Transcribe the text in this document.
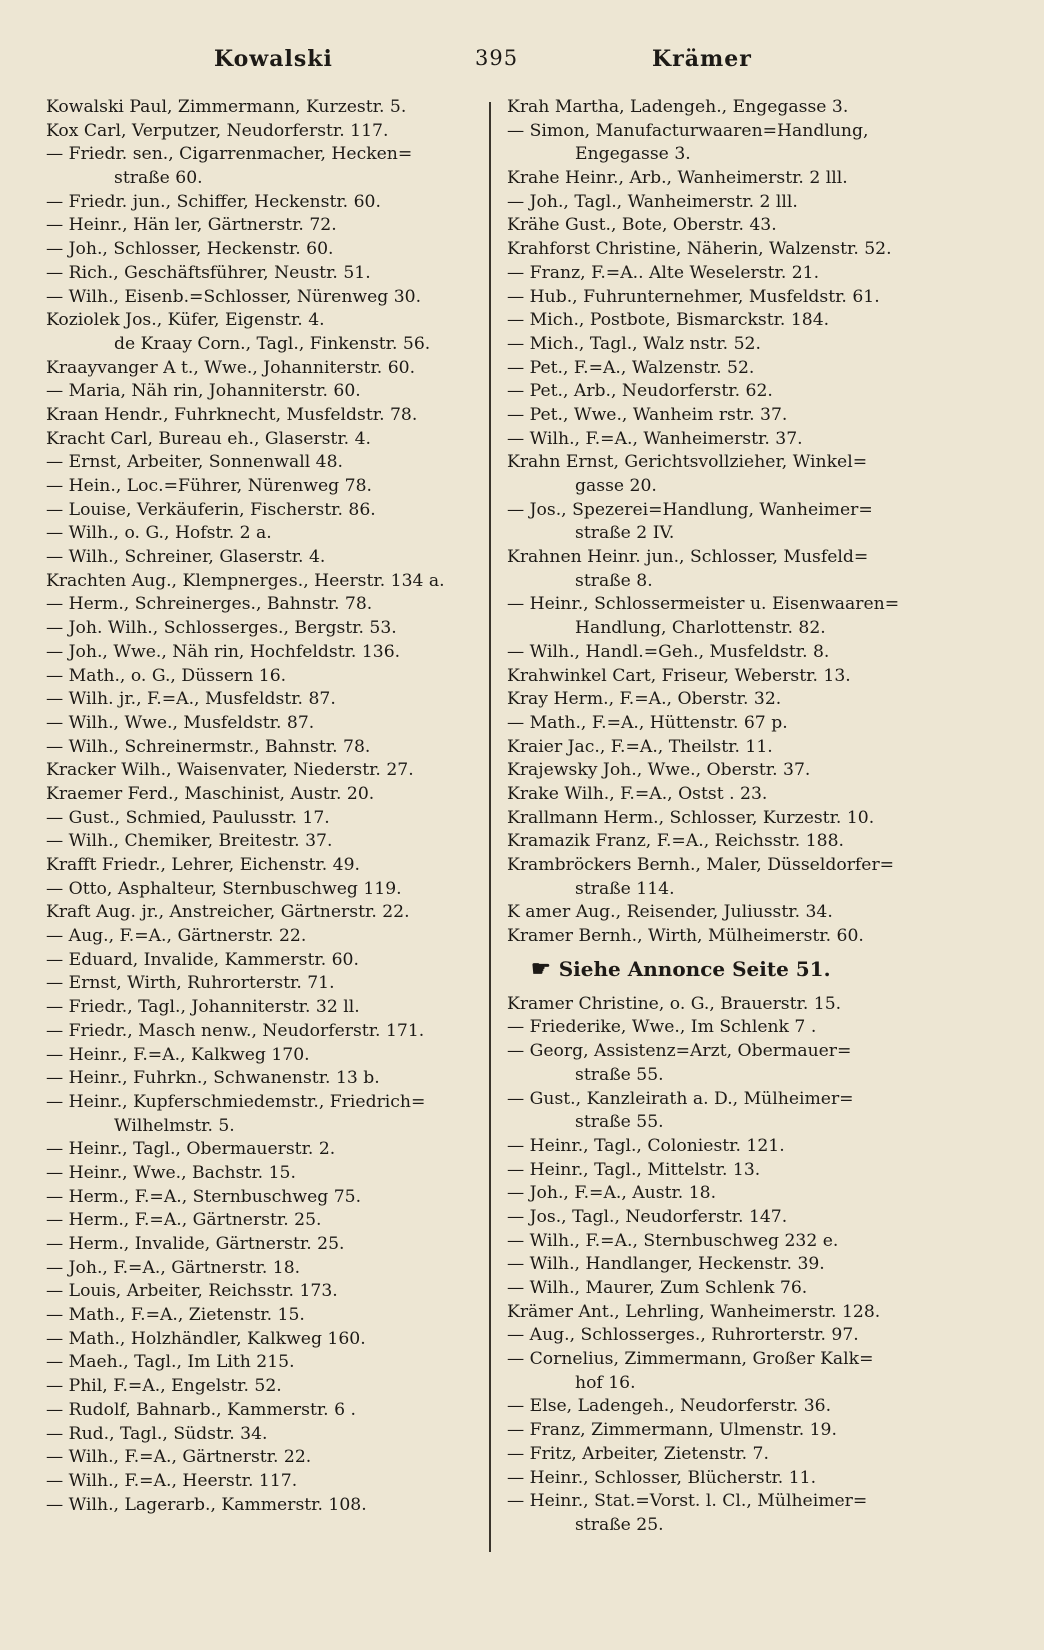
Kowalski	395	Krämer
Kowalski Paul, Zimmermann, Kurzestr. 5.
Kox Carl, Verputzer, Neudorferstr. 117.
— Friedr. sen., Cigarrenmacher, Hecken=
straße 60.
— Friedr. jun., Schiffer, Heckenstr. 60.
— Heinr., Hän ler, Gärtnerstr. 72.
— Joh., Schlosser, Heckenstr. 60.
— Rich., Geschäftsführer, Neustr. 51.
— Wilh., Eisenb.=Schlosser, Nürenweg 30.
Koziolek Jos., Küfer, Eigenstr. 4.
de Kraay Corn., Tagl., Finkenstr. 56.
Kraayvanger A t., Wwe., Johanniterstr. 60.
— Maria, Näh rin, Johanniterstr. 60.
Kraan Hendr., Fuhrknecht, Musfeldstr. 78.
Kracht Carl, Bureau eh., Glaserstr. 4.
— Ernst, Arbeiter, Sonnenwall 48.
— Hein., Loc.=Führer, Nürenweg 78.
— Louise, Verkäuferin, Fischerstr. 86.
— Wilh., o. G., Hofstr. 2 a.
— Wilh., Schreiner, Glaserstr. 4.
Krachten Aug., Klempnerges., Heerstr. 134 a.
— Herm., Schreinerges., Bahnstr. 78.
— Joh. Wilh., Schlosserges., Bergstr. 53.
— Joh., Wwe., Näh rin, Hochfeldstr. 136.
— Math., o. G., Düssern 16.
— Wilh. jr., F.=A., Musfeldstr. 87.
— Wilh., Wwe., Musfeldstr. 87.
— Wilh., Schreinermstr., Bahnstr. 78.
Kracker Wilh., Waisenvater, Niederstr. 27.
Kraemer Ferd., Maschinist, Austr. 20.
— Gust., Schmied, Paulusstr. 17.
— Wilh., Chemiker, Breitestr. 37.
Krafft Friedr., Lehrer, Eichenstr. 49.
— Otto, Asphalteur, Sternbuschweg 119.
Kraft Aug. jr., Anstreicher, Gärtnerstr. 22.
— Aug., F.=A., Gärtnerstr. 22.
— Eduard, Invalide, Kammerstr. 60.
— Ernst, Wirth, Ruhrorterstr. 71.
— Friedr., Tagl., Johanniterstr. 32 ll.
— Friedr., Masch nenw., Neudorferstr. 171.
— Heinr., F.=A., Kalkweg 170.
— Heinr., Fuhrkn., Schwanenstr. 13 b.
— Heinr., Kupferschmiedemstr., Friedrich=
Wilhelmstr. 5.
— Heinr., Tagl., Obermauerstr. 2.
— Heinr., Wwe., Bachstr. 15.
— Herm., F.=A., Sternbuschweg 75.
— Herm., F.=A., Gärtnerstr. 25.
— Herm., Invalide, Gärtnerstr. 25.
— Joh., F.=A., Gärtnerstr. 18.
— Louis, Arbeiter, Reichsstr. 173.
— Math., F.=A., Zietenstr. 15.
— Math., Holzhändler, Kalkweg 160.
— Maeh., Tagl., Im Lith 215.
— Phil, F.=A., Engelstr. 52.
— Rudolf, Bahnarb., Kammerstr. 6 .
— Rud., Tagl., Südstr. 34.
— Wilh., F.=A., Gärtnerstr. 22.
— Wilh., F.=A., Heerstr. 117.
— Wilh., Lagerarb., Kammerstr. 108.
Krah Martha, Ladengeh., Engegasse 3.
— Simon, Manufacturwaaren=Handlung,
Engegasse 3.
Krahe Heinr., Arb., Wanheimerstr. 2 lll.
— Joh., Tagl., Wanheimerstr. 2 lll.
Krähe Gust., Bote, Oberstr. 43.
Krahforst Christine, Näherin, Walzenstr. 52.
— Franz, F.=A.. Alte Weselerstr. 21.
— Hub., Fuhrunternehmer, Musfeldstr. 61.
— Mich., Postbote, Bismarckstr. 184.
— Mich., Tagl., Walz nstr. 52.
— Pet., F.=A., Walzenstr. 52.
— Pet., Arb., Neudorferstr. 62.
— Pet., Wwe., Wanheim rstr. 37.
— Wilh., F.=A., Wanheimerstr. 37.
Krahn Ernst, Gerichtsvollzieher, Winkel=
gasse 20.
— Jos., Spezerei=Handlung, Wanheimer=
straße 2 IV.
Krahnen Heinr. jun., Schlosser, Musfeld=
straße 8.
— Heinr., Schlossermeister u. Eisenwaaren=
Handlung, Charlottenstr. 82.
— Wilh., Handl.=Geh., Musfeldstr. 8.
Krahwinkel Cart, Friseur, Weberstr. 13.
Kray Herm., F.=A., Oberstr. 32.
— Math., F.=A., Hüttenstr. 67 p.
Kraier Jac., F.=A., Theilstr. 11.
Krajewsky Joh., Wwe., Oberstr. 37.
Krake Wilh., F.=A., Ostst . 23.
Krallmann Herm., Schlosser, Kurzestr. 10.
Kramazik Franz, F.=A., Reichsstr. 188.
Krambröckers Bernh., Maler, Düsseldorfer=
straße 114.
K amer Aug., Reisender, Juliusstr. 34.
Kramer Bernh., Wirth, Mülheimerstr. 60.
☛ Siehe Annonce Seite 51.
Kramer Christine, o. G., Brauerstr. 15.
— Friederike, Wwe., Im Schlenk 7 .
— Georg, Assistenz=Arzt, Obermauer=
straße 55.
— Gust., Kanzleirath a. D., Mülheimer=
straße 55.
— Heinr., Tagl., Coloniestr. 121.
— Heinr., Tagl., Mittelstr. 13.
— Joh., F.=A., Austr. 18.
— Jos., Tagl., Neudorferstr. 147.
— Wilh., F.=A., Sternbuschweg 232 e.
— Wilh., Handlanger, Heckenstr. 39.
— Wilh., Maurer, Zum Schlenk 76.
Krämer Ant., Lehrling, Wanheimerstr. 128.
— Aug., Schlosserges., Ruhrorterstr. 97.
— Cornelius, Zimmermann, Großer Kalk=
hof 16.
— Else, Ladengeh., Neudorferstr. 36.
— Franz, Zimmermann, Ulmenstr. 19.
— Fritz, Arbeiter, Zietenstr. 7.
— Heinr., Schlosser, Blücherstr. 11.
— Heinr., Stat.=Vorst. l. Cl., Mülheimer=
straße 25.
